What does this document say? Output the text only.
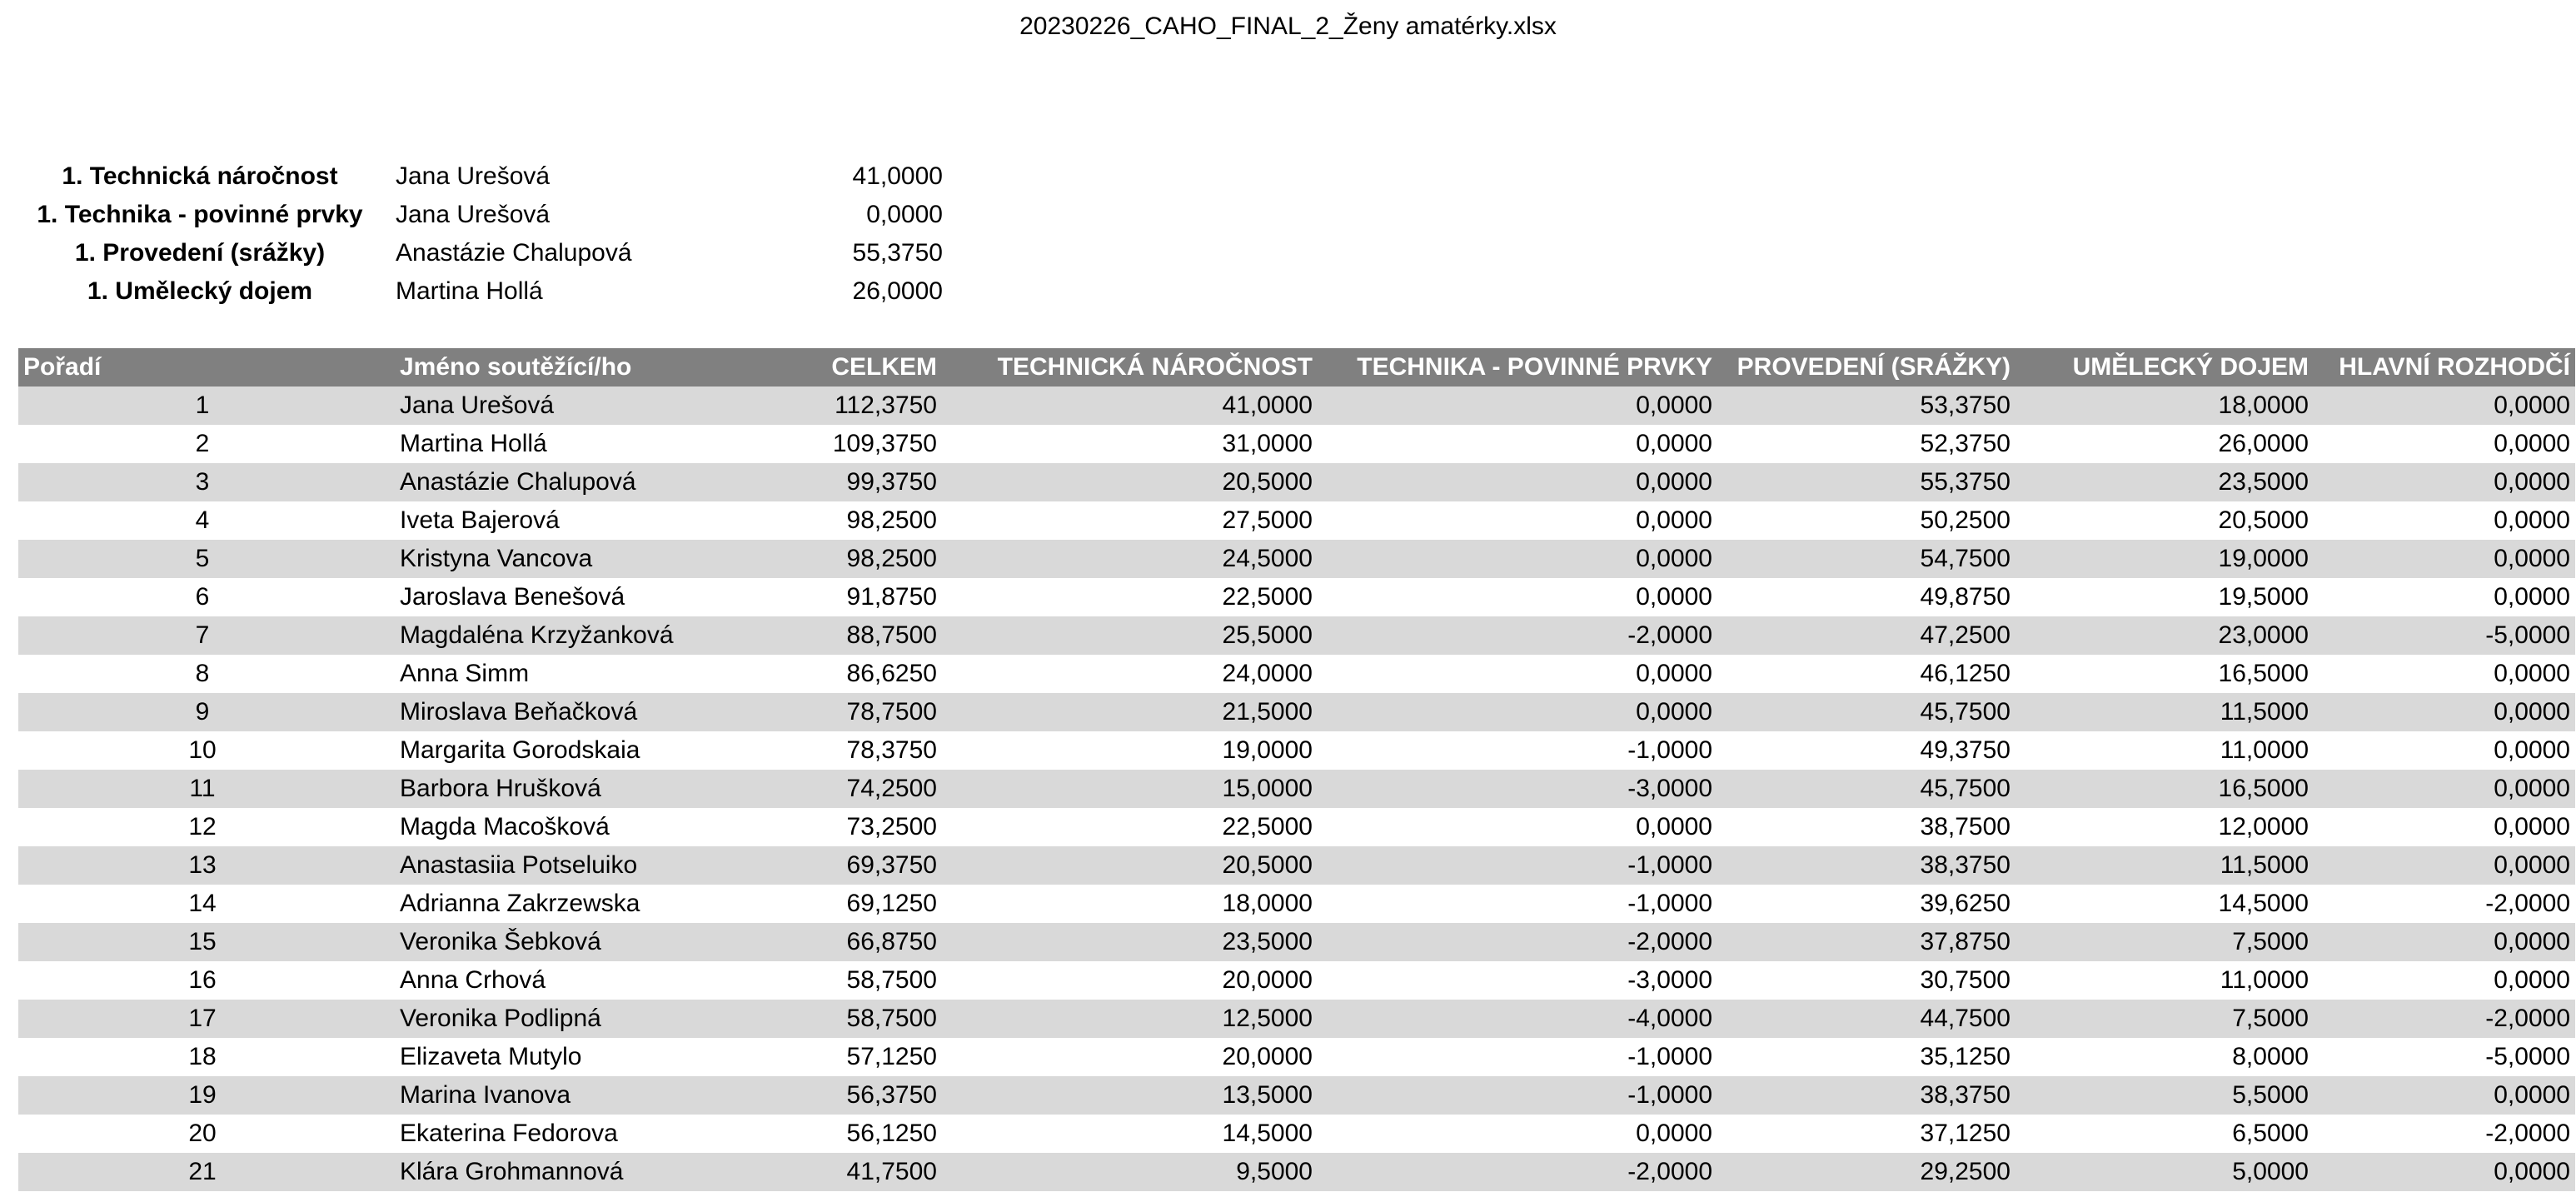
20230226_CAHO_FINAL_2_Ženy amatérky.xlsx
1. Technická náročnost	Jana Urešová	41,0000
1. Technika - povinné prvky	Jana Urešová	0,0000
1. Provedení (srážky)	Anastázie Chalupová	55,3750
1. Umělecký dojem	Martina Hollá	26,0000
Pořadí	Jméno soutěžící/ho	CELKEM	TECHNICKÁ NÁROČNOST	TECHNIKA - POVINNÉ PRVKY	PROVEDENÍ (SRÁŽKY)	UMĚLECKÝ DOJEM	HLAVNÍ ROZHODČÍ
1	Jana Urešová	112,3750	41,0000	0,0000	53,3750	18,0000	0,0000
2	Martina Hollá	109,3750	31,0000	0,0000	52,3750	26,0000	0,0000
3	Anastázie Chalupová	99,3750	20,5000	0,0000	55,3750	23,5000	0,0000
4	Iveta Bajerová	98,2500	27,5000	0,0000	50,2500	20,5000	0,0000
5	Kristyna Vancova	98,2500	24,5000	0,0000	54,7500	19,0000	0,0000
6	Jaroslava Benešová	91,8750	22,5000	0,0000	49,8750	19,5000	0,0000
7	Magdaléna Krzyžanková	88,7500	25,5000	-2,0000	47,2500	23,0000	-5,0000
8	Anna Simm	86,6250	24,0000	0,0000	46,1250	16,5000	0,0000
9	Miroslava Beňačková	78,7500	21,5000	0,0000	45,7500	11,5000	0,0000
10	Margarita Gorodskaia	78,3750	19,0000	-1,0000	49,3750	11,0000	0,0000
11	Barbora Hrušková	74,2500	15,0000	-3,0000	45,7500	16,5000	0,0000
12	Magda Macošková	73,2500	22,5000	0,0000	38,7500	12,0000	0,0000
13	Anastasiia Potseluiko	69,3750	20,5000	-1,0000	38,3750	11,5000	0,0000
14	Adrianna Zakrzewska	69,1250	18,0000	-1,0000	39,6250	14,5000	-2,0000
15	Veronika Šebková	66,8750	23,5000	-2,0000	37,8750	7,5000	0,0000
16	Anna Crhová	58,7500	20,0000	-3,0000	30,7500	11,0000	0,0000
17	Veronika Podlipná	58,7500	12,5000	-4,0000	44,7500	7,5000	-2,0000
18	Elizaveta Mutylo	57,1250	20,0000	-1,0000	35,1250	8,0000	-5,0000
19	Marina Ivanova	56,3750	13,5000	-1,0000	38,3750	5,5000	0,0000
20	Ekaterina Fedorova	56,1250	14,5000	0,0000	37,1250	6,5000	-2,0000
21	Klára Grohmannová	41,7500	9,5000	-2,0000	29,2500	5,0000	0,0000
